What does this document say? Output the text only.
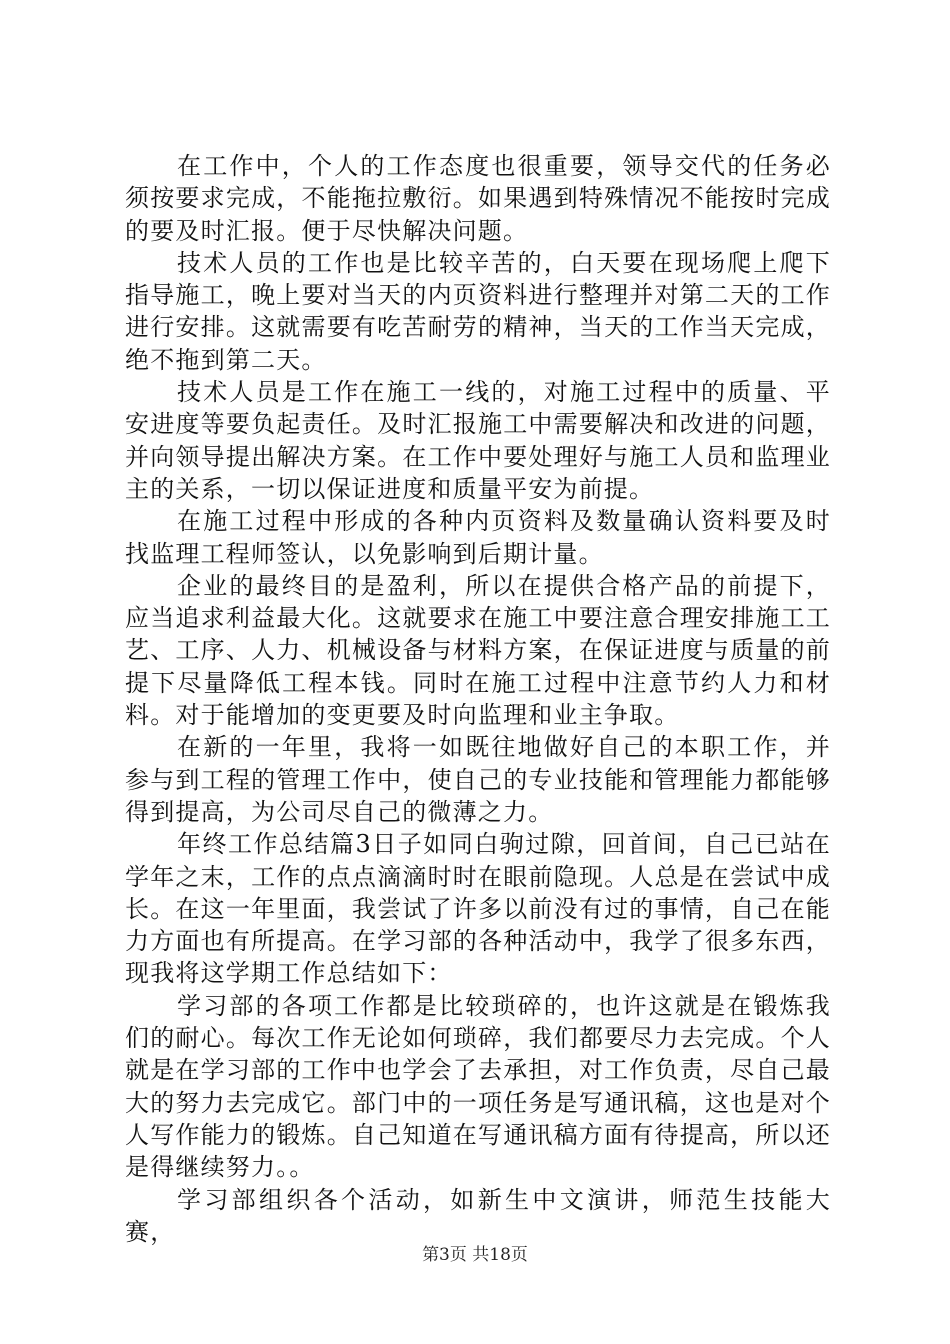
在工作中，个人的工作态度也很重要，领导交代的任务必须按要求完成，不能拖拉敷衍。如果遇到特殊情况不能按时完成的要及时汇报。便于尽快解决问题。

技术人员的工作也是比较辛苦的，白天要在现场爬上爬下指导施工，晚上要对当天的内页资料进行整理并对第二天的工作进行安排。这就需要有吃苦耐劳的精神，当天的工作当天完成，绝不拖到第二天。

技术人员是工作在施工一线的，对施工过程中的质量、平安进度等要负起责任。及时汇报施工中需要解决和改进的问题，并向领导提出解决方案。在工作中要处理好与施工人员和监理业主的关系，一切以保证进度和质量平安为前提。

在施工过程中形成的各种内页资料及数量确认资料要及时找监理工程师签认，以免影响到后期计量。

企业的最终目的是盈利，所以在提供合格产品的前提下，应当追求利益最大化。这就要求在施工中要注意合理安排施工工艺、工序、人力、机械设备与材料方案，在保证进度与质量的前提下尽量降低工程本钱。同时在施工过程中注意节约人力和材料。对于能增加的变更要及时向监理和业主争取。

在新的一年里，我将一如既往地做好自己的本职工作，并参与到工程的管理工作中，使自己的专业技能和管理能力都能够得到提高，为公司尽自己的微薄之力。

年终工作总结篇3日子如同白驹过隙，回首间，自己已站在学年之末，工作的点点滴滴时时在眼前隐现。人总是在尝试中成长。在这一年里面，我尝试了许多以前没有过的事情，自己在能力方面也有所提高。在学习部的各种活动中，我学了很多东西，现我将这学期工作总结如下：

学习部的各项工作都是比较琐碎的，也许这就是在锻炼我们的耐心。每次工作无论如何琐碎，我们都要尽力去完成。个人就是在学习部的工作中也学会了去承担，对工作负责，尽自己最大的努力去完成它。部门中的一项任务是写通讯稿，这也是对个人写作能力的锻炼。自己知道在写通讯稿方面有待提高，所以还是得继续努力。。

学习部组织各个活动，如新生中文演讲，师范生技能大赛，

第3页 共18页
